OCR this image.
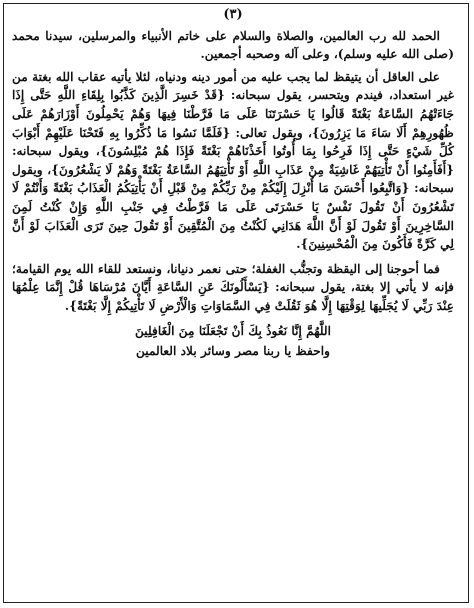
(٣)

الحمد لله رب العالمين، والصلاة والسلام على خاتم الأنبياء والمرسلين، سيدنا محمد (صلى الله عليه وسلم)، وعلى آله وصحبه أجمعين.

على العاقل أن يتيقظ لما يجب عليه من أمور دينه ودنياه، لئلا يأتيه عقاب الله بغتة من غير استعداد، فيندم ويتحسر، يقول سبحانه: {قَدْ خَسِرَ الَّذِينَ كَذَّبُوا بِلِقَاءِ اللَّهِ حَتَّى إِذَا جَاءَتْهُمُ السَّاعَةُ بَغْتَةً قَالُوا يَا حَسْرَتَنَا عَلَى مَا فَرَّطْنَا فِيهَا وَهُمْ يَحْمِلُونَ أَوْزَارَهُمْ عَلَى ظُهُورِهِمْ أَلَا سَاءَ مَا يَزِرُونَ}، ويقول تعالى: {فَلَمَّا نَسُوا مَا ذُكِّرُوا بِهِ فَتَحْنَا عَلَيْهِمْ أَبْوَابَ كُلِّ شَيْءٍ حَتَّى إِذَا فَرِحُوا بِمَا أُوتُوا أَخَذْنَاهُمْ بَغْتَةً فَإِذَا هُمْ مُبْلِسُونَ}، ويقول سبحانه: {أَفَأَمِنُوا أَنْ تَأْتِيَهُمْ غَاشِيَةٌ مِنْ عَذَابِ اللَّهِ أَوْ تَأْتِيَهُمُ السَّاعَةُ بَغْتَةً وَهُمْ لَا يَشْعُرُونَ}، ويقول سبحانه: {وَاتَّبِعُوا أَحْسَنَ مَا أُنْزِلَ إِلَيْكُمْ مِنْ رَبِّكُمْ مِنْ قَبْلِ أَنْ يَأْتِيَكُمُ الْعَذَابُ بَغْتَةً وَأَنْتُمْ لَا تَشْعُرُونَ أَنْ تَقُولَ نَفْسٌ يَا حَسْرَتَى عَلَى مَا فَرَّطْتُ فِي جَنْبِ اللَّهِ وَإِنْ كُنْتُ لَمِنَ السَّاخِرِينَ أَوْ تَقُولَ لَوْ أَنَّ اللَّهَ هَدَانِي لَكُنْتُ مِنَ الْمُتَّقِينَ أَوْ تَقُولَ حِينَ تَرَى الْعَذَابَ لَوْ أَنَّ لِي كَرَّةً فَأَكُونَ مِنَ الْمُحْسِنِينَ}.

فما أحوجنا إلى اليقظة وتجنُّب الغفلة؛ حتى نعمر دنيانا، ونستعد للقاء الله يوم القيامة؛ فإنه لا يأتي إلا بغتة، يقول سبحانه: {يَسْأَلُونَكَ عَنِ السَّاعَةِ أَيَّانَ مُرْسَاهَا قُلْ إِنَّمَا عِلْمُهَا عِنْدَ رَبِّي لَا يُجَلِّيهَا لِوَقْتِهَا إِلَّا هُوَ ثَقُلَتْ فِي السَّمَاوَاتِ وَالْأَرْضِ لَا تَأْتِيكُمْ إِلَّا بَغْتَةً}.

اللَّهُمَّ إِنَّا نَعُوذُ بِكَ أَنْ تَجْعَلَنَا مِنَ الْغَافِلِينَ

واحفظ يا ربنا مصر وسائر بلاد العالمين
